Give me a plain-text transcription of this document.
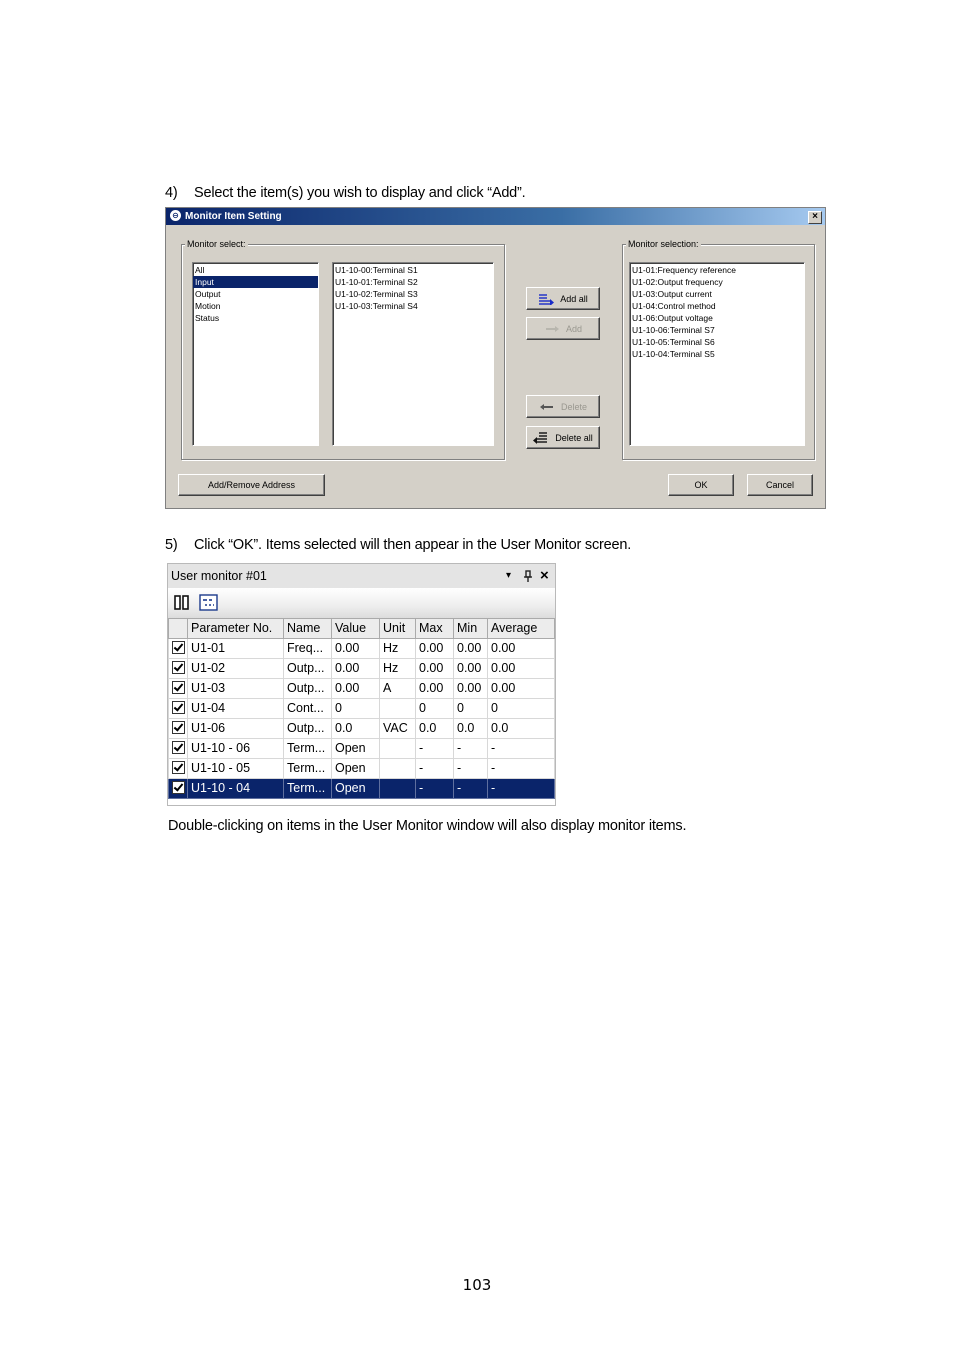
4) Select the item(s) you wish to display and click “Add”.
⊖ Monitor Item Setting	×
Monitor select:
All
Input
Output
Motion
Status
U1-10-00:Terminal S1
U1-10-01:Terminal S2
U1-10-02:Terminal S3
U1-10-03:Terminal S4
Add all
Add
Delete
Delete all
Monitor selection:
U1-01:Frequency reference
U1-02:Output frequency
U1-03:Output current
U1-04:Control method
U1-06:Output voltage
U1-10-06:Terminal S7
U1-10-05:Terminal S6
U1-10-04:Terminal S5
Add/Remove Address	OK	Cancel
5) Click “OK”. Items selected will then appear in the User Monitor screen.
User monitor #01	▾ ×
	Parameter No.	Name	Value	Unit	Max	Min	Average
	U1-01	Freq...	0.00	Hz	0.00	0.00	0.00
	U1-02	Outp...	0.00	Hz	0.00	0.00	0.00
	U1-03	Outp...	0.00	A	0.00	0.00	0.00
	U1-04	Cont...	0		0	0	0
	U1-06	Outp...	0.0	VAC	0.0	0.0	0.0
	U1-10 - 06	Term...	Open		-	-	-
	U1-10 - 05	Term...	Open		-	-	-
	U1-10 - 04	Term...	Open		-	-	-
Double-clicking on items in the User Monitor window will also display monitor items.
103
